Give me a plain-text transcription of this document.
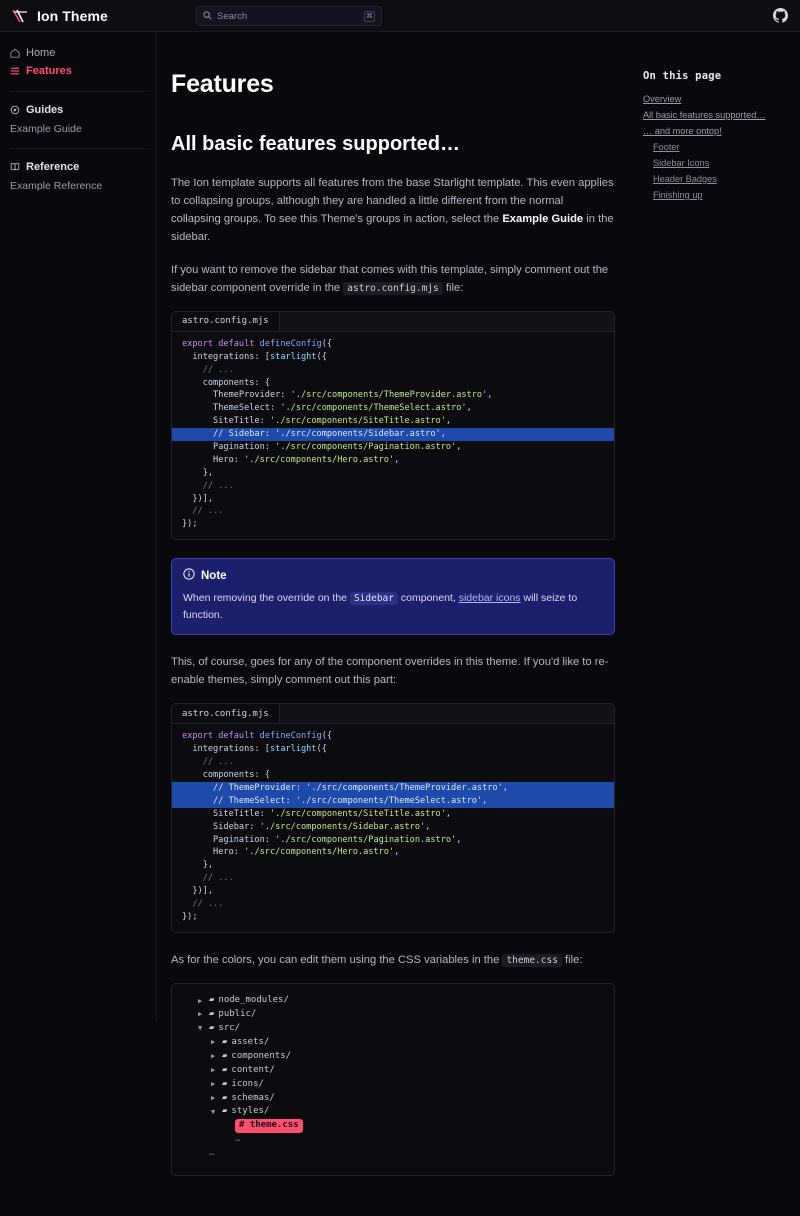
Ion Theme	Search	⌘
Home
Features
Guides
Example Guide
Reference
Example Reference
Features
All basic features supported…

The Ion template supports all features from the base Starlight template. This even applies to collapsing groups, although they are handled a little different from the normal collapsing groups. To see this Theme's groups in action, select the Example Guide in the sidebar.

If you want to remove the sidebar that comes with this template, simply comment out the sidebar component override in the astro.config.mjs file:

astro.config.mjs
export default defineConfig({
integrations: [starlight({
// ...
components: {
ThemeProvider: './src/components/ThemeProvider.astro',
ThemeSelect: './src/components/ThemeSelect.astro',
SiteTitle: './src/components/SiteTitle.astro',
// Sidebar: './src/components/Sidebar.astro',
Pagination: './src/components/Pagination.astro',
Hero: './src/components/Hero.astro',
},
// ...
})],
// ...
});
Note
When removing the override on the Sidebar component, sidebar icons will seize to function.

This, of course, goes for any of the component overrides in this theme. If you'd like to re-enable themes, simply comment out this part:

astro.config.mjs
export default defineConfig({
integrations: [starlight({
// ...
components: {
// ThemeProvider: './src/components/ThemeProvider.astro',
// ThemeSelect: './src/components/ThemeSelect.astro',
SiteTitle: './src/components/SiteTitle.astro',
Sidebar: './src/components/Sidebar.astro',
Pagination: './src/components/Pagination.astro',
Hero: './src/components/Hero.astro',
},
// ...
})],
// ...
});

As for the colors, you can edit them using the CSS variables in the theme.css file:

▶ ▰ node_modules/
▶ ▰ public/
▼ ▰ src/
▶ ▰ assets/
▶ ▰ components/
▶ ▰ content/
▶ ▰ icons/
▶ ▰ schemas/
▼ ▰ styles/

# theme.css

…

…
On this page
Overview
All basic features supported…
… and more ontop!
Footer
Sidebar Icons
Header Badges
Finishing up
